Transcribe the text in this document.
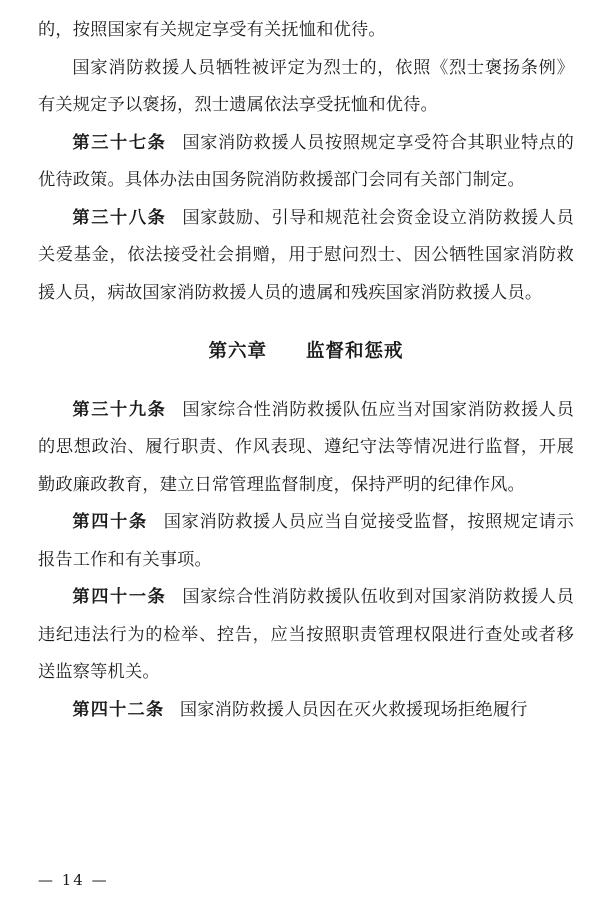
的，按照国家有关规定享受有关抚恤和优待。

国家消防救援人员牺牲被评定为烈士的，依照《烈士褒扬条例》有关规定予以褒扬，烈士遗属依法享受抚恤和优待。

第三十七条 国家消防救援人员按照规定享受符合其职业特点的优待政策。具体办法由国务院消防救援部门会同有关部门制定。

第三十八条 国家鼓励、引导和规范社会资金设立消防救援人员关爱基金，依法接受社会捐赠，用于慰问烈士、因公牺牲国家消防救援人员，病故国家消防救援人员的遗属和残疾国家消防救援人员。

第六章　　监督和惩戒

第三十九条 国家综合性消防救援队伍应当对国家消防救援人员的思想政治、履行职责、作风表现、遵纪守法等情况进行监督，开展勤政廉政教育，建立日常管理监督制度，保持严明的纪律作风。

第四十条 国家消防救援人员应当自觉接受监督，按照规定请示报告工作和有关事项。

第四十一条 国家综合性消防救援队伍收到对国家消防救援人员违纪违法行为的检举、控告，应当按照职责管理权限进行查处或者移送监察等机关。

第四十二条 国家消防救援人员因在灭火救援现场拒绝履行

— 14 —
